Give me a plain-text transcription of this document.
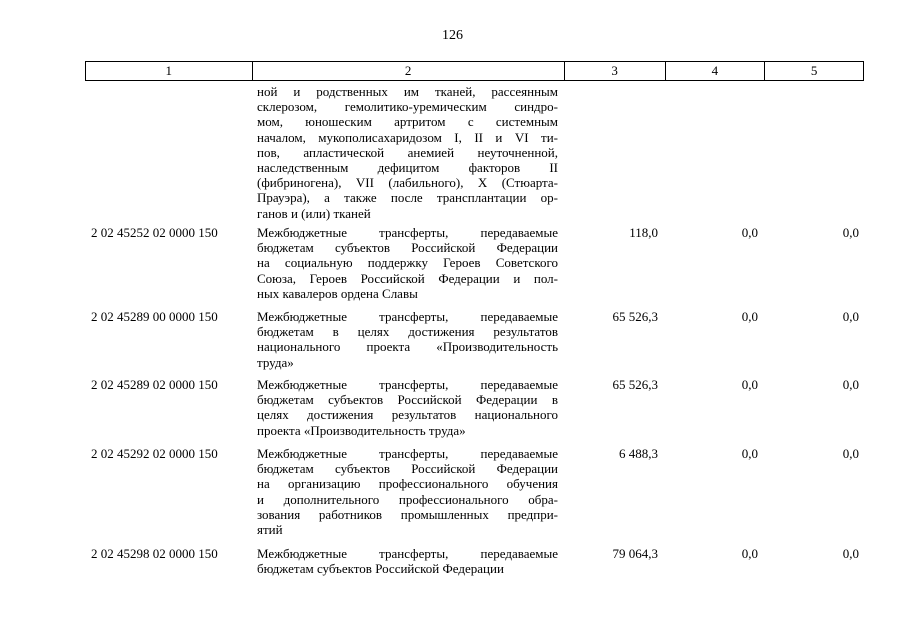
126
1	2	3	4	5
ной и родственных им тканей, рассеянным
склерозом, гемолитико-уремическим синдро-
мом, юношеским артритом с системным
началом, мукополисахаридозом I, II и VI ти-
пов, апластической анемией неуточненной,
наследственным дефицитом факторов II
(фибриногена), VII (лабильного), X (Стюарта-
Прауэра), а также после трансплантации ор-
ганов и (или) тканей
2 02 45252 02 0000 150	Межбюджетные трансферты, передаваемые
бюджетам субъектов Российской Федерации
на социальную поддержку Героев Советского
Союза, Героев Российской Федерации и пол-
ных кавалеров ордена Славы
118,0	0,0	0,0
2 02 45289 00 0000 150	Межбюджетные трансферты, передаваемые
бюджетам в целях достижения результатов
национального проекта «Производительность
труда»
65 526,3	0,0	0,0
2 02 45289 02 0000 150	Межбюджетные трансферты, передаваемые
бюджетам субъектов Российской Федерации в
целях достижения результатов национального
проекта «Производительность труда»
65 526,3	0,0	0,0
2 02 45292 02 0000 150	Межбюджетные трансферты, передаваемые
бюджетам субъектов Российской Федерации
на организацию профессионального обучения
и дополнительного профессионального обра-
зования работников промышленных предпри-
ятий
6 488,3	0,0	0,0
2 02 45298 02 0000 150	Межбюджетные трансферты, передаваемые
бюджетам субъектов Российской Федерации
79 064,3	0,0	0,0
